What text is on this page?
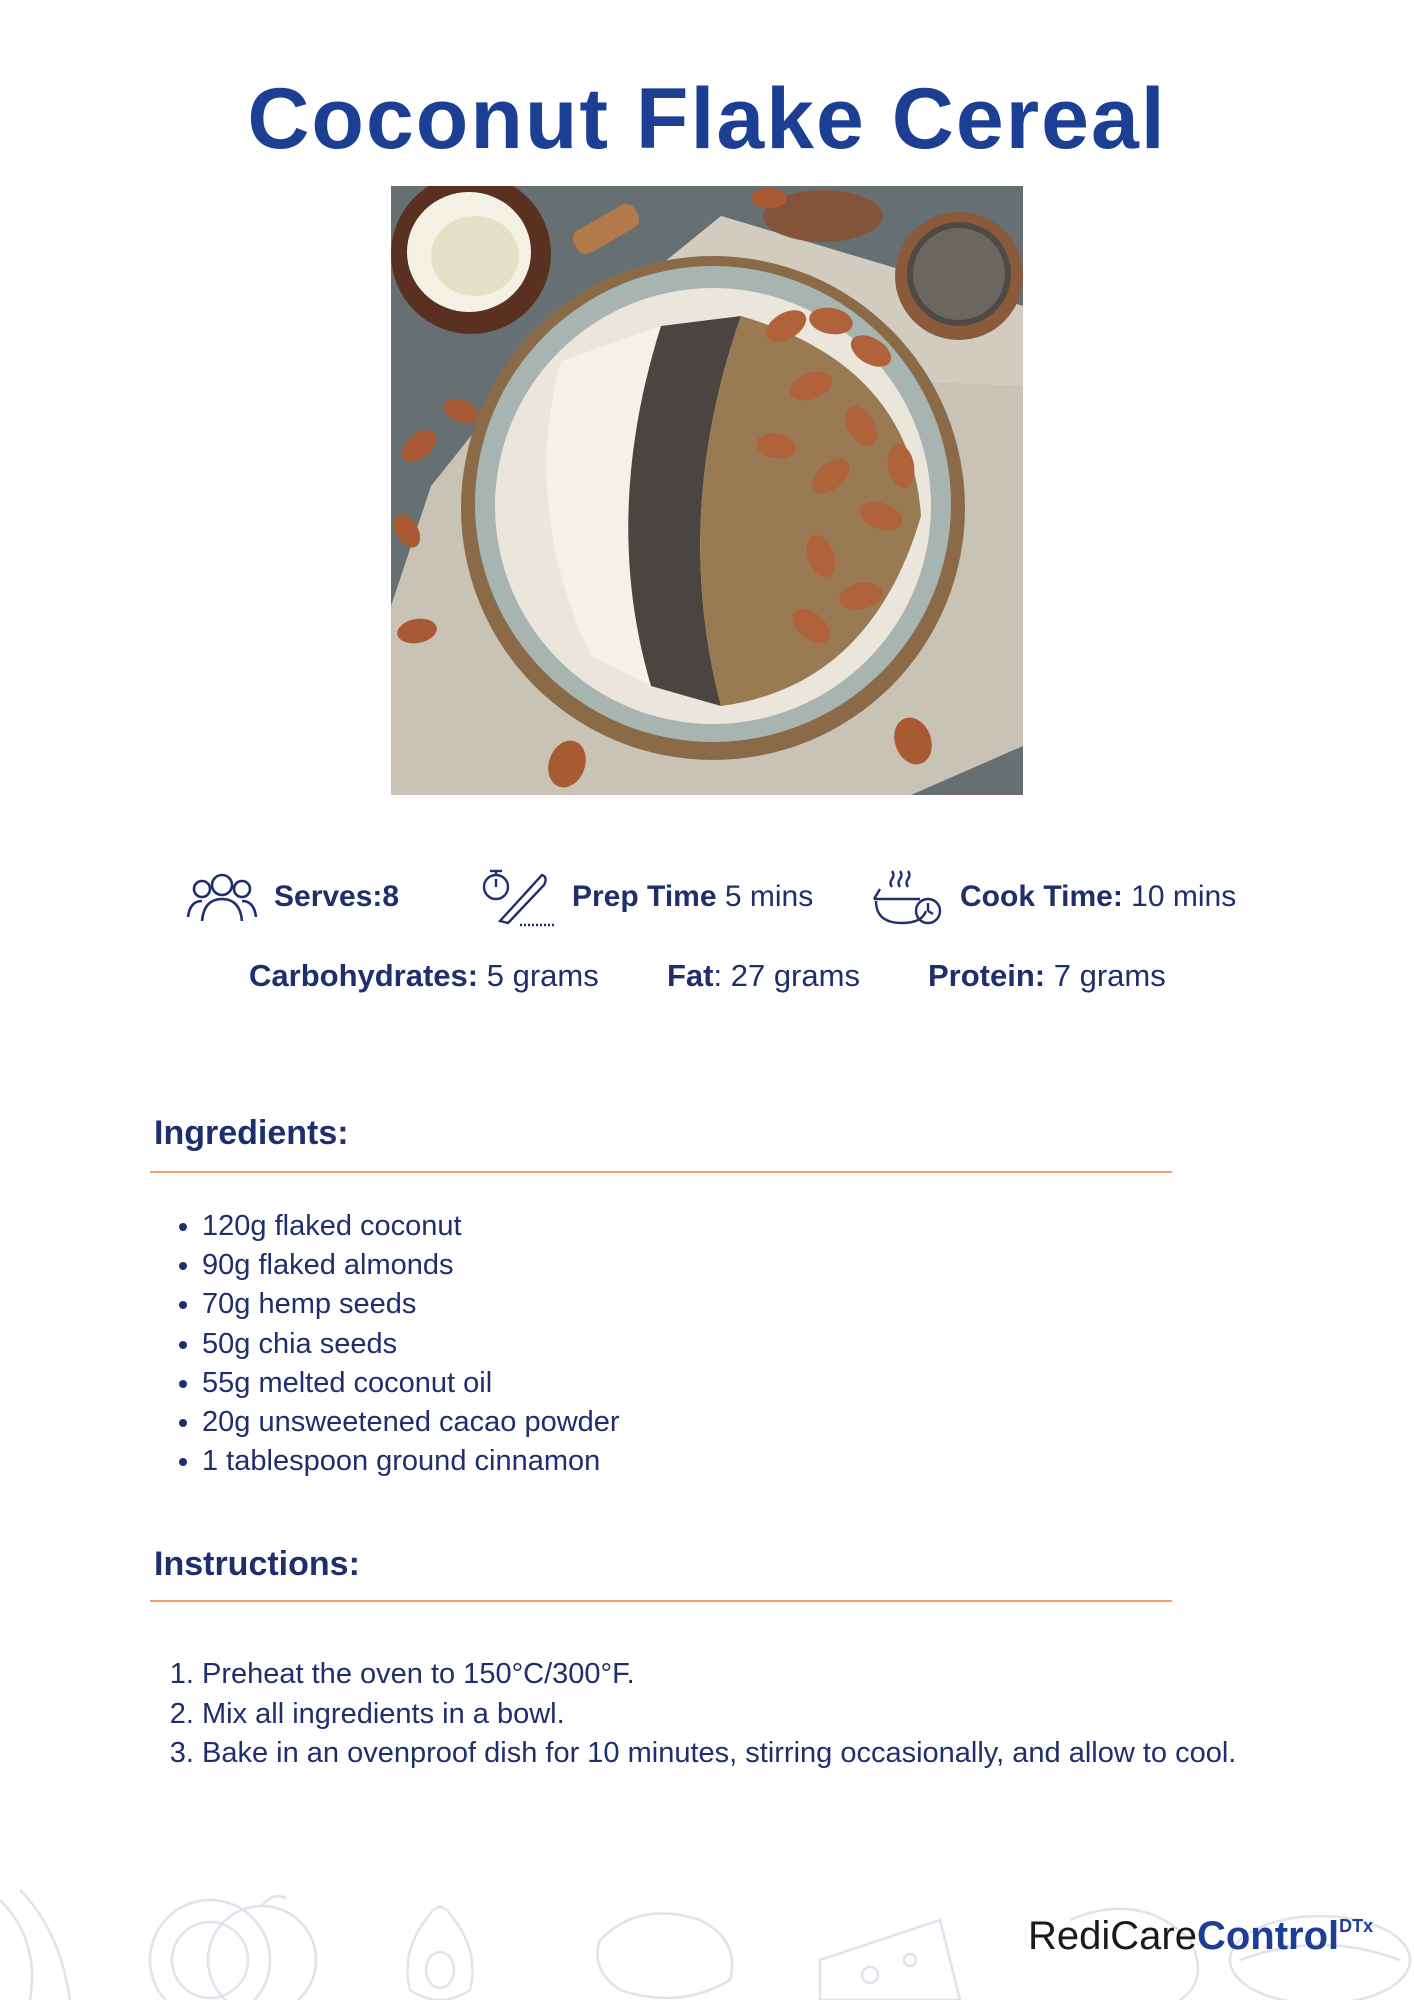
Coconut Flake Cereal
Serves:8	Prep Time
5 mins	Cook Time:
10 mins
Carbohydrates: 5 grams Fat: 27 grams Protein: 7 grams
Ingredients:
• 120g flaked coconut
• 90g flaked almonds
• 70g hemp seeds
• 50g chia seeds
• 55g melted coconut oil
• 20g unsweetened cacao powder
• 1 tablespoon ground cinnamon
Instructions:
1. Preheat the oven to 150°C/300°F.
2. Mix all ingredients in a bowl.
3. Bake in an ovenproof dish for 10 minutes, stirring occasionally, and allow to cool.
RediCareControl$^{DTx}$
